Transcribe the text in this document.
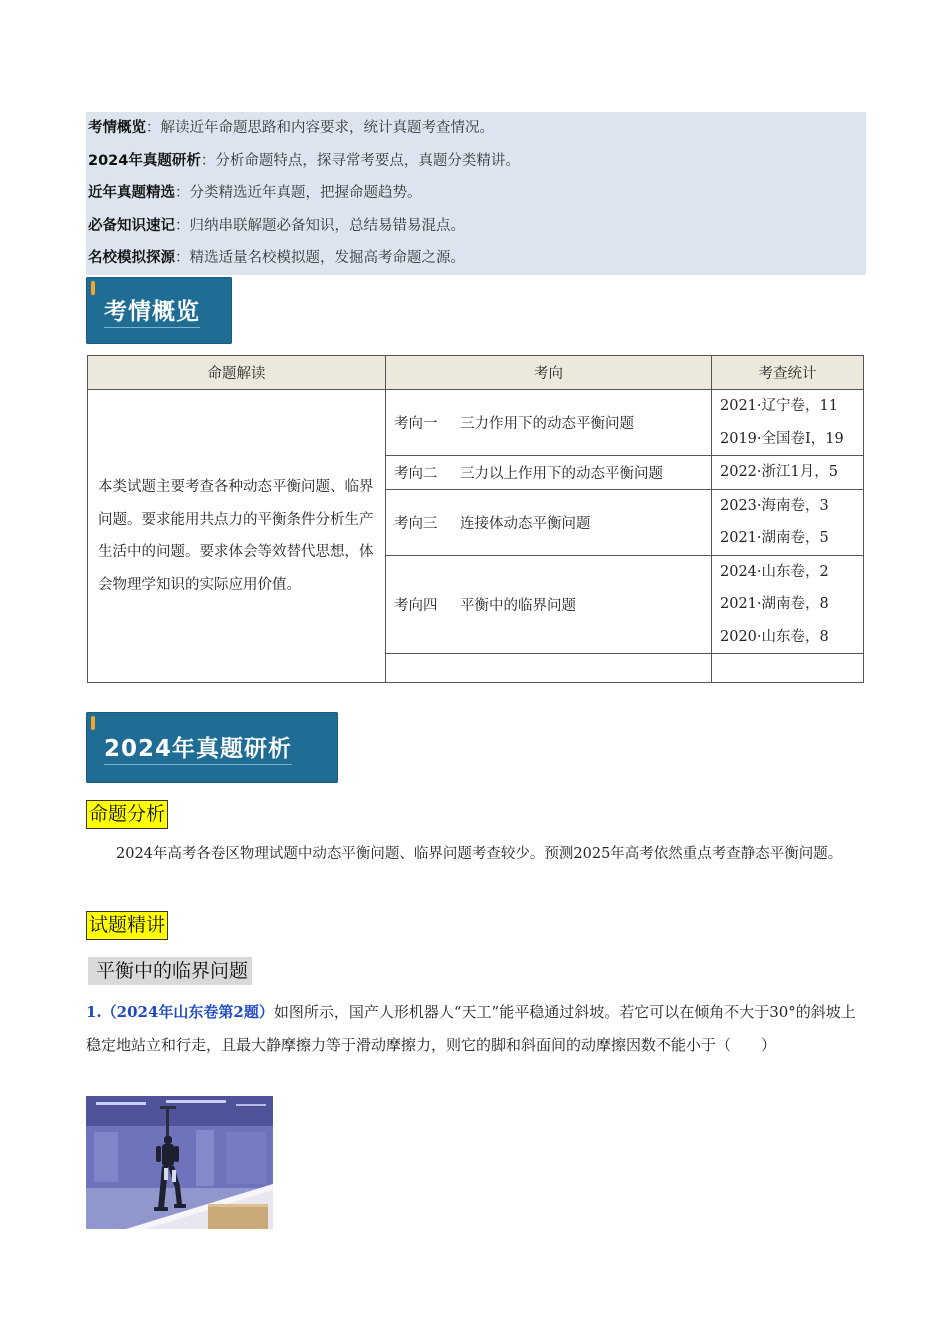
考情概览：解读近年命题思路和内容要求，统计真题考查情况。
2024年真题研析：分析命题特点，探寻常考要点，真题分类精讲。
近年真题精选：分类精选近年真题，把握命题趋势。
必备知识速记：归纳串联解题必备知识，总结易错易混点。
名校模拟探源：精选适量名校模拟题，发掘高考命题之源。
考情概览
命题解读	考向	考查统计
本类试题主要考查各种动态平衡问题、临界问题。要求能用共点力的平衡条件分析生产生活中的问题。要求体会等效替代思想，体会物理学知识的实际应用价值。	考向一 三力作用下的动态平衡问题	2021·辽宁卷，11
2019·全国卷I，19

	考向二 三力以上作用下的动态平衡问题	2022·浙江1月，5

	考向三 连接体动态平衡问题	2023·海南卷，3
2021·湖南卷，5

	考向四 平衡中的临界问题	2024·山东卷，2
2021·湖南卷，8
2020·山东卷，8

2024年真题研析
命题分析
2024年高考各卷区物理试题中动态平衡问题、临界问题考查较少。预测2025年高考依然重点考查静态平衡问题。
试题精讲
平衡中的临界问题
1.（2024年山东卷第2题）如图所示，国产人形机器人“天工”能平稳通过斜坡。若它可以在倾角不大于30°的斜坡上稳定地站立和行走，且最大静摩擦力等于滑动摩擦力，则它的脚和斜面间的动摩擦因数不能小于（　　）
